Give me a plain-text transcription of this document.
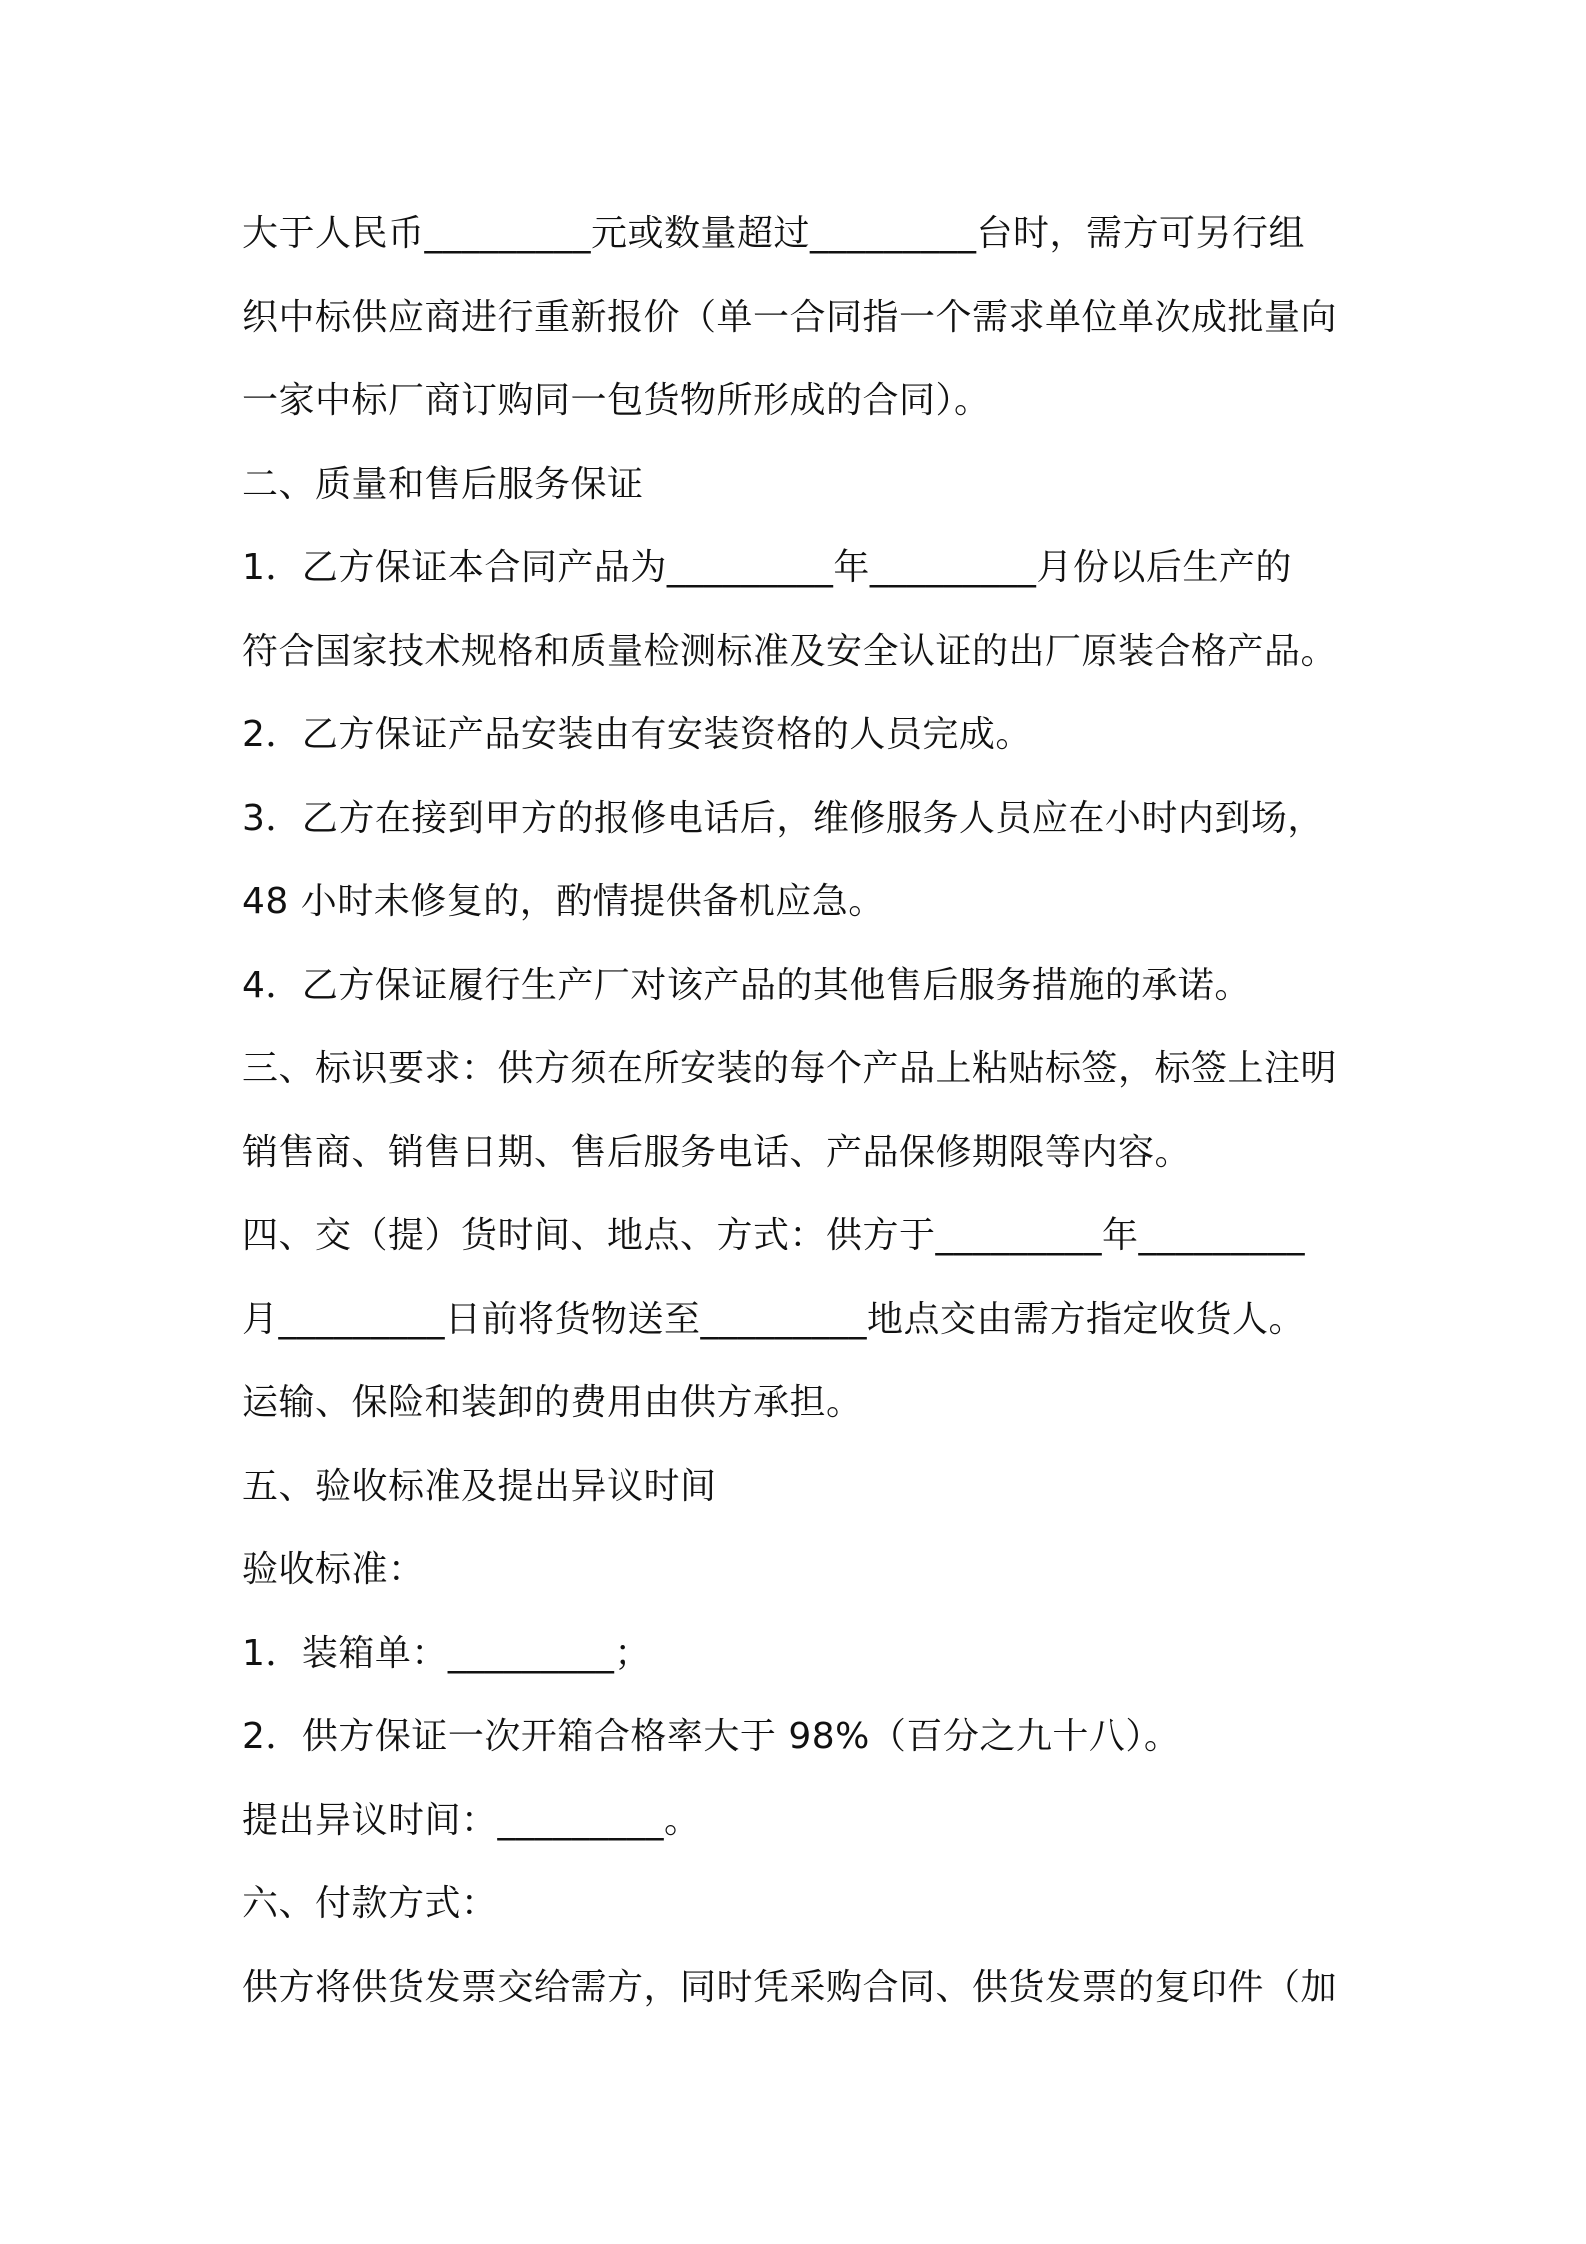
大于人民币_________元或数量超过_________台时，需方可另行组
织中标供应商进行重新报价（单一合同指一个需求单位单次成批量向
一家中标厂商订购同一包货物所形成的合同）。
二、质量和售后服务保证
1．乙方保证本合同产品为_________年_________月份以后生产的
符合国家技术规格和质量检测标准及安全认证的出厂原装合格产品。
2．乙方保证产品安装由有安装资格的人员完成。
3．乙方在接到甲方的报修电话后，维修服务人员应在小时内到场，
48 小时未修复的，酌情提供备机应急。
4．乙方保证履行生产厂对该产品的其他售后服务措施的承诺。
三、标识要求：供方须在所安装的每个产品上粘贴标签，标签上注明
销售商、销售日期、售后服务电话、产品保修期限等内容。
四、交（提）货时间、地点、方式：供方于_________年_________
月_________日前将货物送至_________地点交由需方指定收货人。
运输、保险和装卸的费用由供方承担。
五、验收标准及提出异议时间
验收标准：
1．装箱单：_________；
2．供方保证一次开箱合格率大于 98%（百分之九十八）。
提出异议时间：_________。
六、付款方式：
供方将供货发票交给需方，同时凭采购合同、供货发票的复印件（加
